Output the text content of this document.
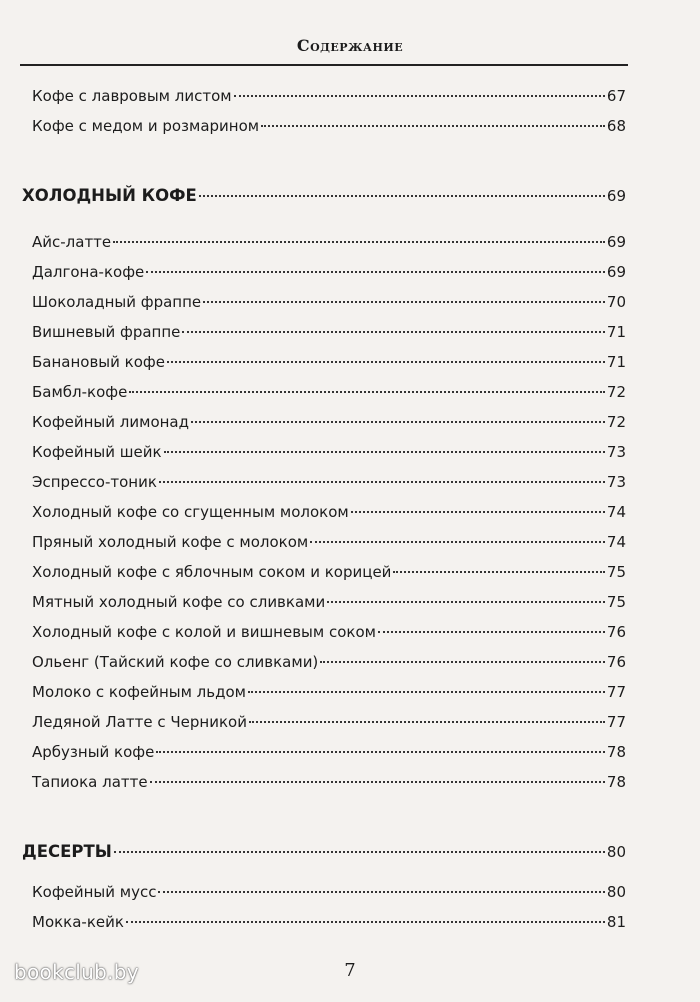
Содержание
Кофе с лавровым листом	67
Кофе с медом и розмарином	68
ХОЛОДНЫЙ КОФЕ	69
Айс-латте	69
Далгона-кофе	69
Шоколадный фраппе	70
Вишневый фраппе	71
Банановый кофе	71
Бамбл-кофе	72
Кофейный лимонад	72
Кофейный шейк	73
Эспрессо-тоник	73
Холодный кофе со сгущенным молоком	74
Пряный холодный кофе с молоком	74
Холодный кофе с яблочным соком и корицей	75
Мятный холодный кофе со сливками	75
Холодный кофе с колой и вишневым соком	76
Ольенг (Тайский кофе со сливками)	76
Молоко с кофейным льдом	77
Ледяной Латте с Черникой	77
Арбузный кофе	78
Тапиока латте	78
ДЕСЕРТЫ	80
Кофейный мусс	80
Мокка-кейк	81
7
bookclub.by
